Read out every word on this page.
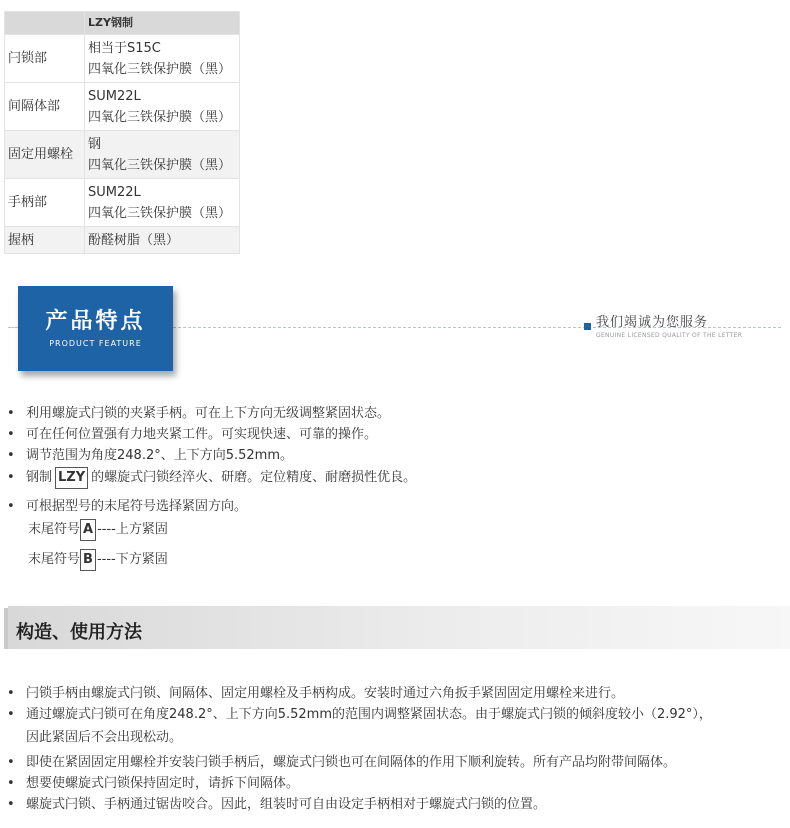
	LZY钢制
闩锁部	相当于S15C
四氧化三铁保护膜（黑）

间隔体部	SUM22L
四氧化三铁保护膜（黑）

固定用螺栓	钢
四氧化三铁保护膜（黑）

手柄部	SUM22L
四氧化三铁保护膜（黑）

握柄	酚醛树脂（黑）
产品特点
PRODUCT FEATURE
我们竭诚为您服务
GENUINE LICENSED QUALITY OF THE LETTER
• 利用螺旋式闩锁的夹紧手柄。可在上下方向无级调整紧固状态。
• 可在任何位置强有力地夹紧工件。可实现快速、可靠的操作。
• 调节范围为角度248.2°、上下方向5.52mm。
• 钢制 LZY 的螺旋式闩锁经淬火、研磨。定位精度、耐磨损性优良。
• 可根据型号的末尾符号选择紧固方向。
末尾符号 A ----上方紧固
末尾符号 B ----下方紧固
构造、使用方法
• 闩锁手柄由螺旋式闩锁、间隔体、固定用螺栓及手柄构成。安装时通过六角扳手紧固固定用螺栓来进行。
• 通过螺旋式闩锁可在角度248.2°、上下方向5.52mm的范围内调整紧固状态。由于螺旋式闩锁的倾斜度较小（2.92°），
因此紧固后不会出现松动。
• 即使在紧固固定用螺栓并安装闩锁手柄后，螺旋式闩锁也可在间隔体的作用下顺利旋转。所有产品均附带间隔体。
• 想要使螺旋式闩锁保持固定时，请拆下间隔体。
• 螺旋式闩锁、手柄通过锯齿咬合。因此，组装时可自由设定手柄相对于螺旋式闩锁的位置。
